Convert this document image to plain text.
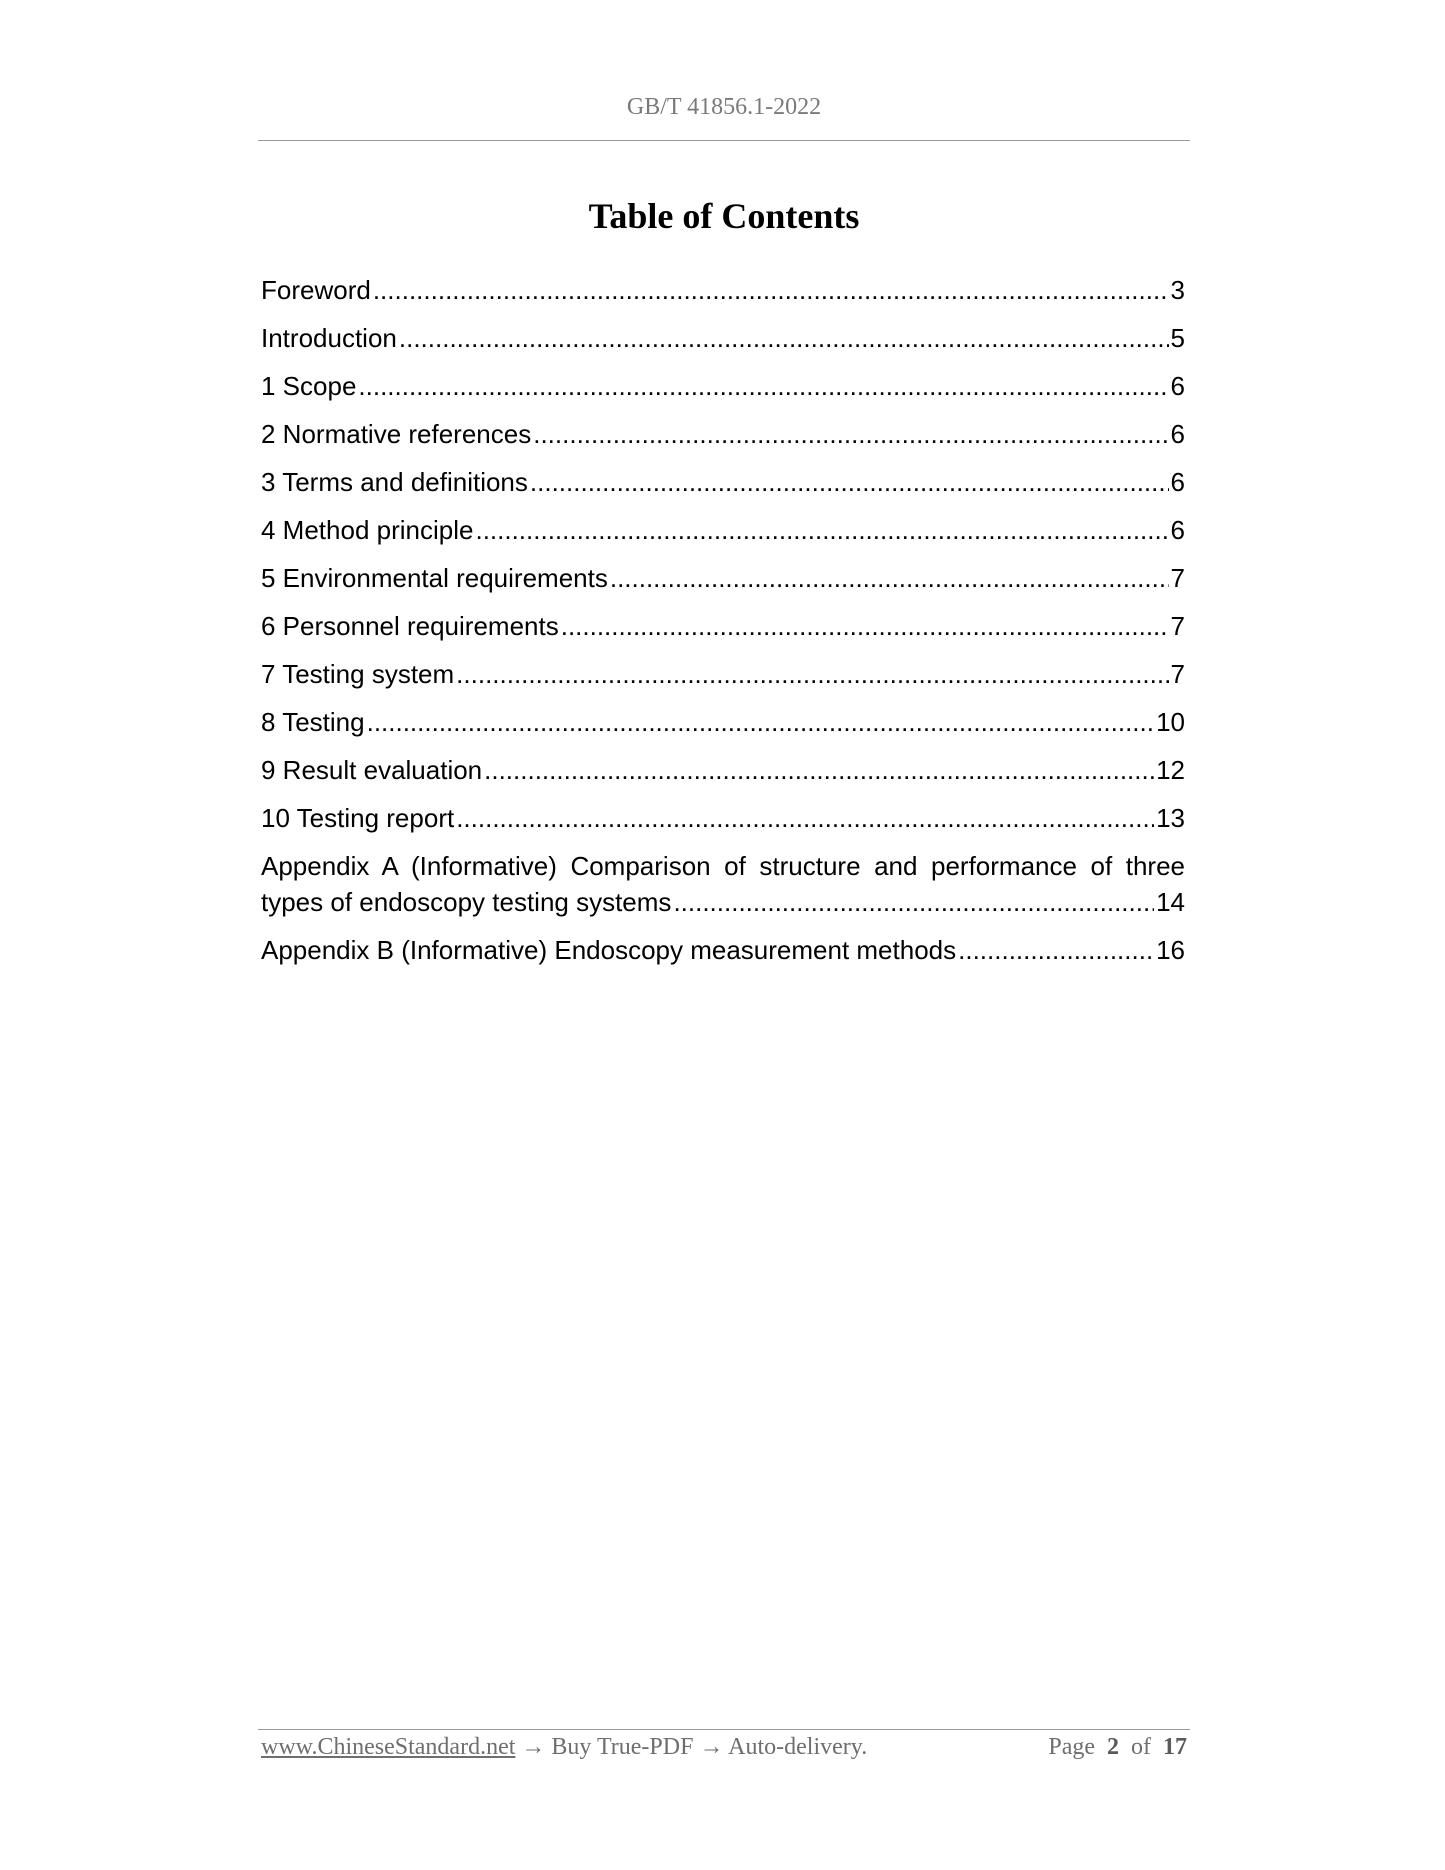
GB/T 41856.1-2022
Table of Contents
Foreword .....	3
Introduction .....	5
1 Scope .....	6
2 Normative references .....	6
3 Terms and definitions .....	6
4 Method principle .....	6
5 Environmental requirements .....	7
6 Personnel requirements .....	7
7 Testing system .....	7
8 Testing .....	10
9 Result evaluation .....	12
10 Testing report .....	13
Appendix A (Informative) Comparison of structure and performance of three
types of endoscopy testing systems .....	14
Appendix B (Informative) Endoscopy measurement methods .....	16
www.ChineseStandard.net → Buy True-PDF → Auto-delivery.	Page 2 of 17
